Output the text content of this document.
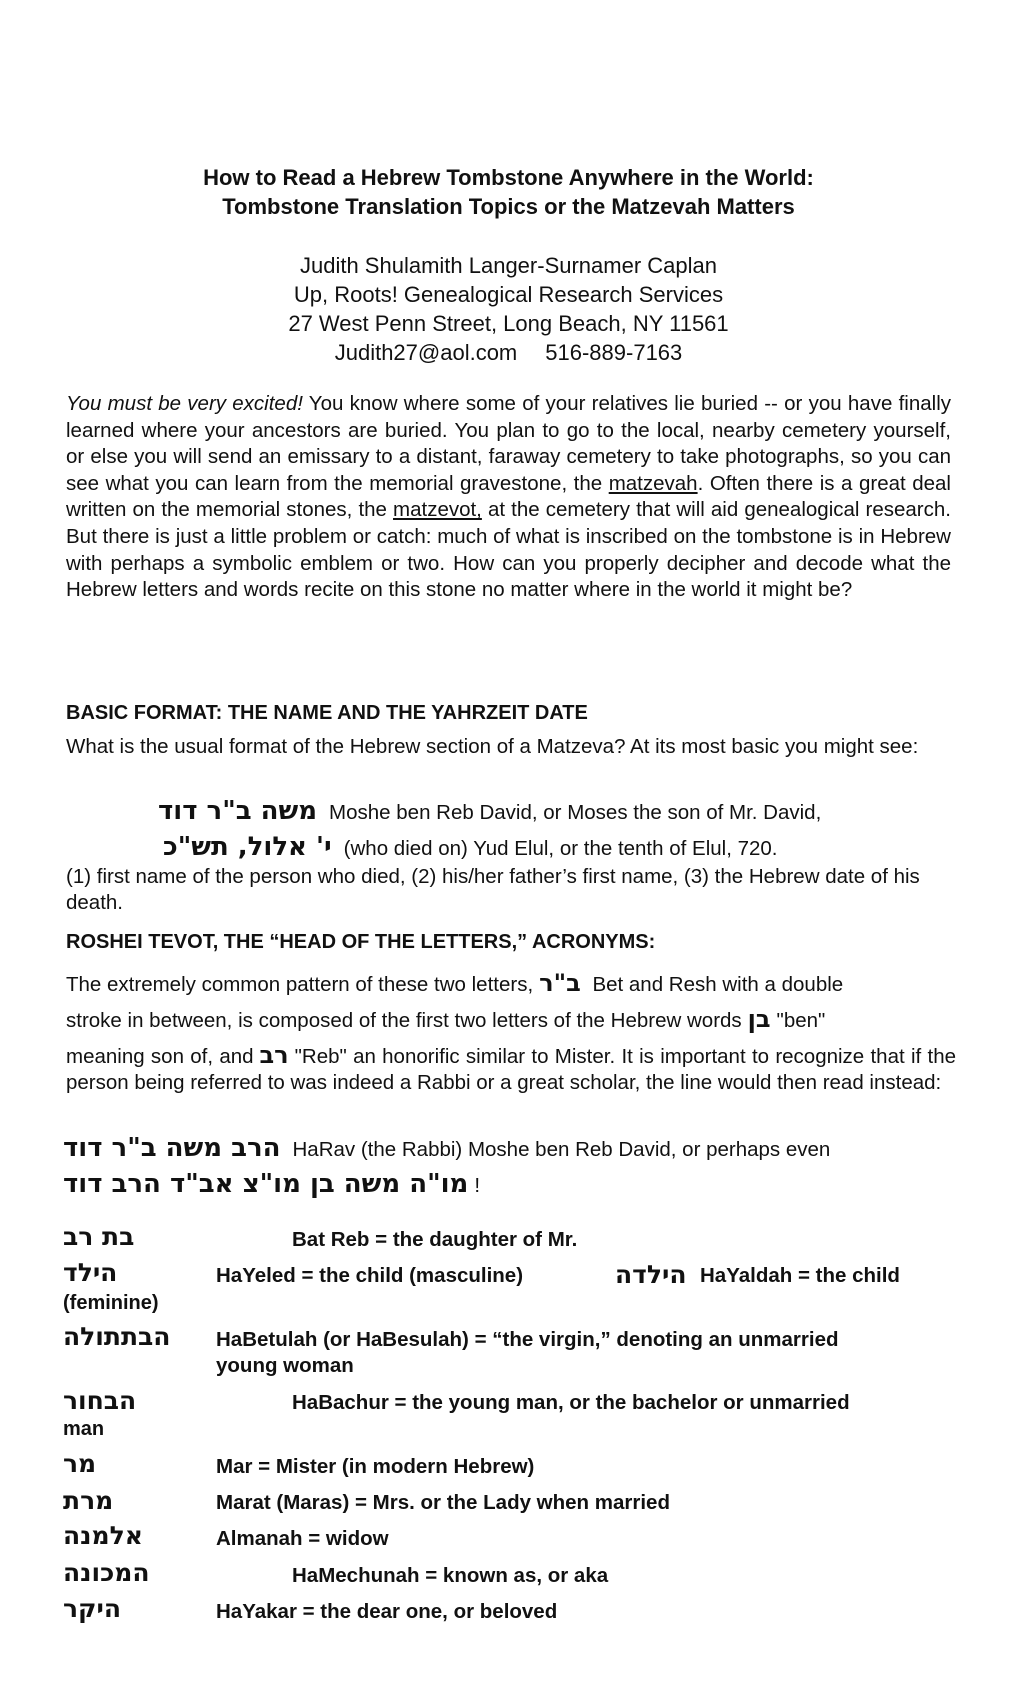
How to Read a Hebrew Tombstone Anywhere in the World:
Tombstone Translation Topics or the Matzevah Matters
Judith Shulamith Langer-Surnamer Caplan
Up, Roots! Genealogical Research Services
27 West Penn Street, Long Beach, NY 11561
Judith27@aol.com 516-889-7163
You must be very excited! You know where some of your relatives lie buried -- or you have finally learned where your ancestors are buried. You plan to go to the local, nearby cemetery yourself, or else you will send an emissary to a distant, faraway cemetery to take photographs, so you can see what you can learn from the memorial gravestone, the matzevah. Often there is a great deal written on the memorial stones, the matzevot, at the cemetery that will aid genealogical research. But there is just a little problem or catch: much of what is inscribed on the tombstone is in Hebrew with perhaps a symbolic emblem or two. How can you properly decipher and decode what the Hebrew letters and words recite on this stone no matter where in the world it might be?
BASIC FORMAT: THE NAME AND THE YAHRZEIT DATE
What is the usual format of the Hebrew section of a Matzeva? At its most basic you might see:
משה ב"ר דוד Moshe ben Reb David, or Moses the son of Mr. David,
י' אלול, תש"כ (who died on) Yud Elul, or the tenth of Elul, 720.
(1) first name of the person who died, (2) his/her father’s first name, (3) the Hebrew date of his death.
ROSHEI TEVOT, THE “HEAD OF THE LETTERS,” ACRONYMS:
The extremely common pattern of these two letters, ב"ר Bet and Resh with a double
stroke in between, is composed of the first two letters of the Hebrew words בן "ben"
meaning son of, and רב "Reb" an honorific similar to Mister. It is important to recognize that if the person being referred to was indeed a Rabbi or a great scholar, the line would then read instead:
הרב משה ב"ר דוד HaRav (the Rabbi) Moshe ben Reb David, or perhaps even
מו"ה משה בן מו"צ אב"ד הרב דוד !
בת רב	Bat Reb = the daughter of Mr.
הילד	HaYeled = the child (masculine)	הילדה HaYaldah = the child
(feminine)
הבתתולה HaBetulah (or HaBesulah) = “the virgin,” denoting an unmarried
young woman
הבחור	HaBachur = the young man, or the bachelor or unmarried
man
מר	Mar = Mister (in modern Hebrew)
מרת	Marat (Maras) = Mrs. or the Lady when married
אלמנה	Almanah = widow
המכונה	HaMechunah = known as, or aka
היקר	HaYakar = the dear one, or beloved
